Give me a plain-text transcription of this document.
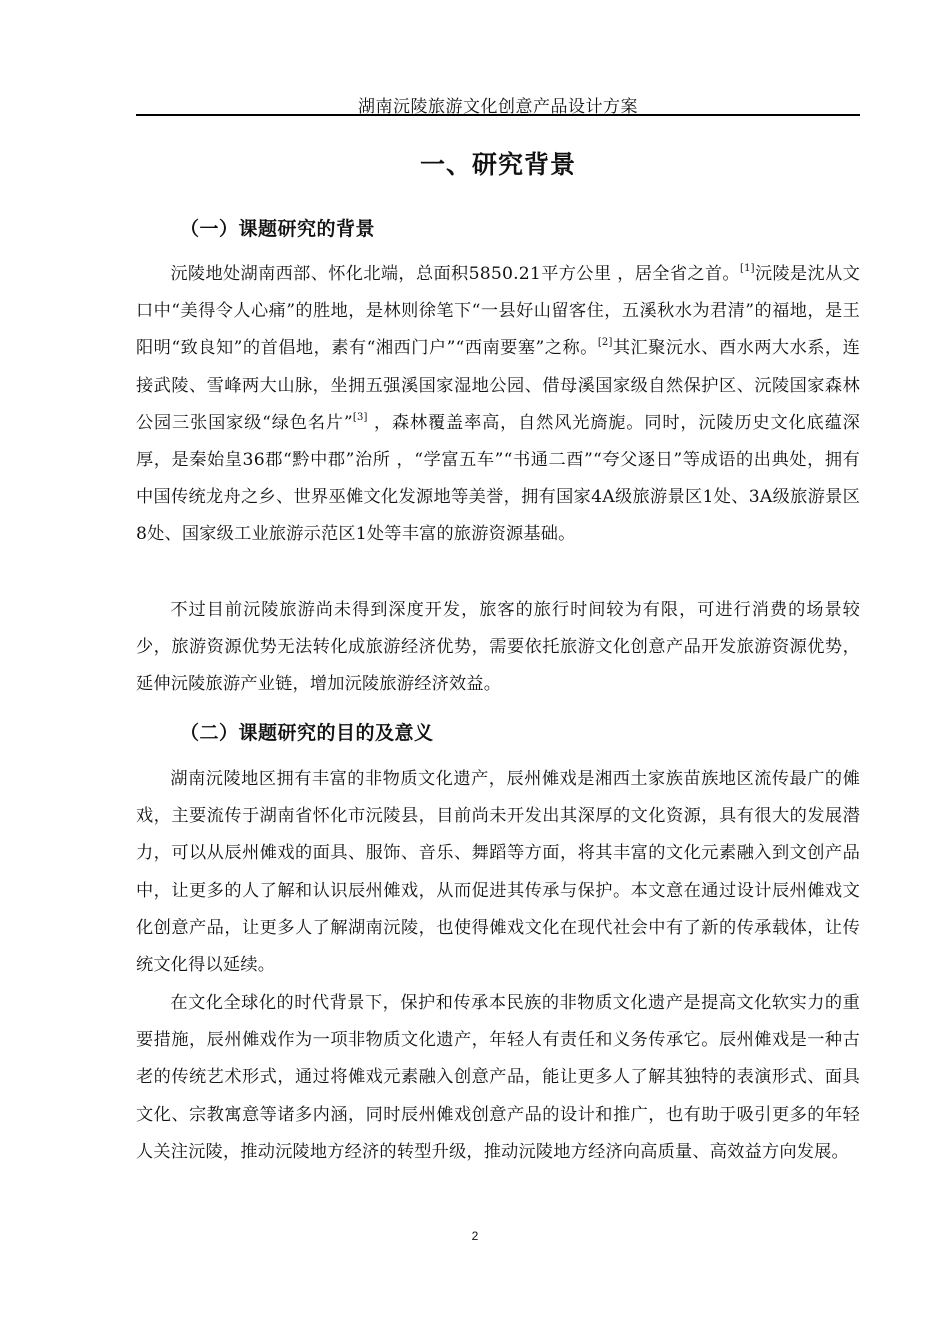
湖南沅陵旅游文化创意产品设计方案
一、研究背景
（一）课题研究的背景

沅陵地处湖南西部、怀化北端，总面积5850.21平方公里 ，居全省之首。[1]沅陵是沈从文口中“美得令人心痛”的胜地，是林则徐笔下“一县好山留客住，五溪秋水为君清”的福地，是王阳明“致良知”的首倡地，素有“湘西门户”“西南要塞”之称。[2]其汇聚沅水、酉水两大水系，连接武陵、雪峰两大山脉，坐拥五强溪国家湿地公园、借母溪国家级自然保护区、沅陵国家森林公园三张国家级“绿色名片”[3] ，森林覆盖率高，自然风光旖旎。同时，沅陵历史文化底蕴深厚，是秦始皇36郡“黔中郡”治所 ，“学富五车”“书通二酉”“夸父逐日”等成语的出典处，拥有中国传统龙舟之乡、世界巫傩文化发源地等美誉，拥有国家4A级旅游景区1处、3A级旅游景区8处、国家级工业旅游示范区1处等丰富的旅游资源基础。

不过目前沅陵旅游尚未得到深度开发，旅客的旅行时间较为有限，可进行消费的场景较少，旅游资源优势无法转化成旅游经济优势，需要依托旅游文化创意产品开发旅游资源优势，延伸沅陵旅游产业链，增加沅陵旅游经济效益。

（二）课题研究的目的及意义

湖南沅陵地区拥有丰富的非物质文化遗产，辰州傩戏是湘西土家族苗族地区流传最广的傩戏，主要流传于湖南省怀化市沅陵县，目前尚未开发出其深厚的文化资源，具有很大的发展潜力，可以从辰州傩戏的面具、服饰、音乐、舞蹈等方面，将其丰富的文化元素融入到文创产品中，让更多的人了解和认识辰州傩戏，从而促进其传承与保护。本文意在通过设计辰州傩戏文化创意产品，让更多人了解湖南沅陵，也使得傩戏文化在现代社会中有了新的传承载体，让传统文化得以延续。

在文化全球化的时代背景下，保护和传承本民族的非物质文化遗产是提高文化软实力的重要措施，辰州傩戏作为一项非物质文化遗产，年轻人有责任和义务传承它。辰州傩戏是一种古老的传统艺术形式，通过将傩戏元素融入创意产品，能让更多人了解其独特的表演形式、面具文化、宗教寓意等诸多内涵，同时辰州傩戏创意产品的设计和推广，也有助于吸引更多的年轻人关注沅陵，推动沅陵地方经济的转型升级，推动沅陵地方经济向高质量、高效益方向发展。

2
